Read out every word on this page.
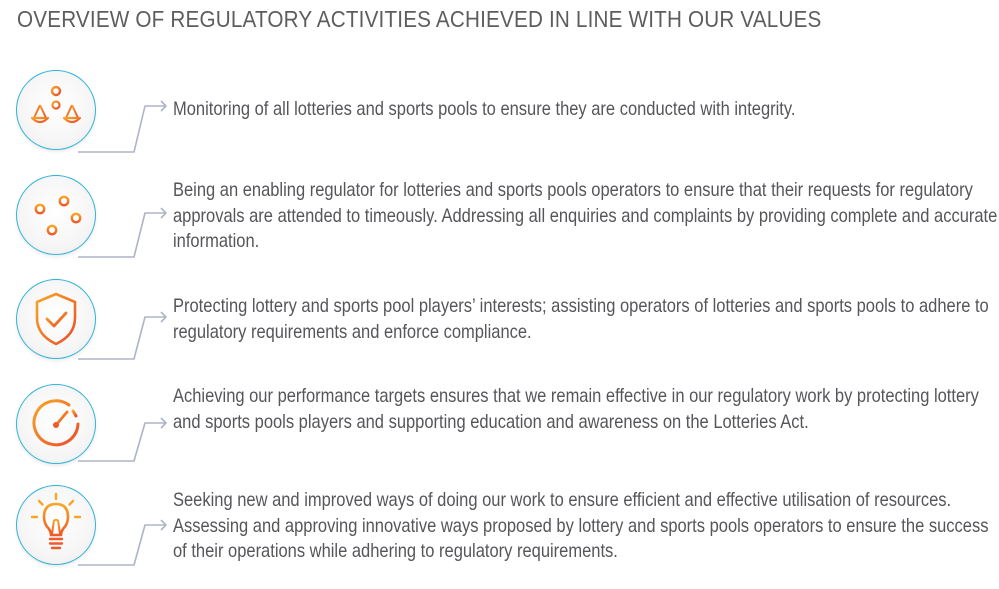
OVERVIEW OF REGULATORY ACTIVITIES ACHIEVED IN LINE WITH OUR VALUES

Monitoring of all lotteries and sports pools to ensure they are conducted with integrity.

Being an enabling regulator for lotteries and sports pools operators to ensure that their requests for regulatory approvals are attended to timeously. Addressing all enquiries and complaints by providing complete and accurate information.

Protecting lottery and sports pool players’ interests; assisting operators of lotteries and sports pools to adhere to regulatory requirements and enforce compliance.

Achieving our performance targets ensures that we remain effective in our regulatory work by protecting lottery and sports pools players and supporting education and awareness on the Lotteries Act.

Seeking new and improved ways of doing our work to ensure efficient and effective utilisation of resources. Assessing and approving innovative ways proposed by lottery and sports pools operators to ensure the success of their operations while adhering to regulatory requirements.
